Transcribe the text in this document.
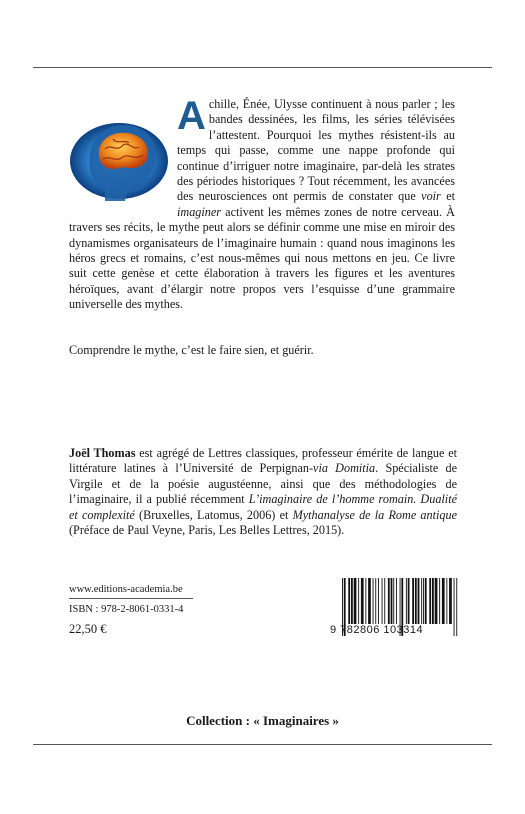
Achille, Énée, Ulysse continuent à nous parler ; les bandes dessinées, les films, les séries télévisées l’attestent. Pourquoi les mythes résistent-ils au temps qui passe, comme une nappe profonde qui continue d’irriguer notre imaginaire, par-delà les strates des périodes historiques ? Tout récemment, les avancées des neurosciences ont permis de constater que voir et imaginer activent les mêmes zones de notre cerveau. À travers ses récits, le mythe peut alors se définir comme une mise en miroir des dynamismes organisateurs de l’imaginaire humain : quand nous imaginons les héros grecs et romains, c’est nous-mêmes qui nous mettons en jeu. Ce livre suit cette genèse et cette élaboration à travers les figures et les aventures héroïques, avant d’élargir notre propos vers l’esquisse d’une grammaire universelle des mythes.

Comprendre le mythe, c’est le faire sien, et guérir.

Joël Thomas est agrégé de Lettres classiques, professeur émérite de langue et littérature latines à l’Université de Perpignan-via Domitia. Spécialiste de Virgile et de la poésie augustéenne, ainsi que des méthodologies de l’imaginaire, il a publié récemment L’imaginaire de l’homme romain. Dualité et complexité (Bruxelles, Latomus, 2006) et Mythanalyse de la Rome antique (Préface de Paul Veyne, Paris, Les Belles Lettres, 2015).

www.editions-academia.be
ISBN : 978-2-8061-0331-4
22,50 €	9 782806 103314
Collection : « Imaginaires »
